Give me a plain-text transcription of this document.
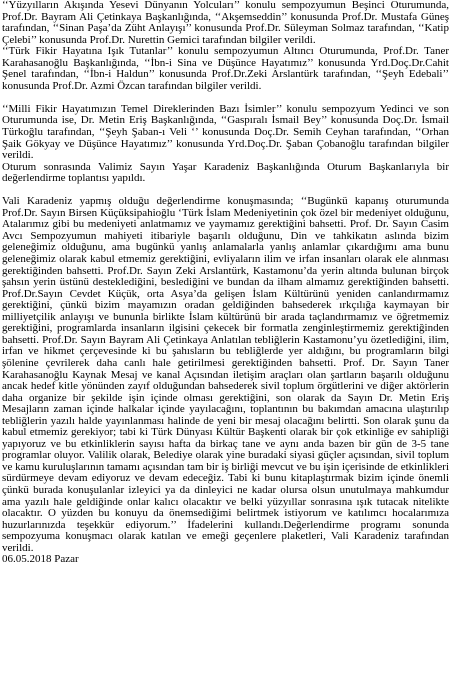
‘‘Yüzyılların Akışında Yesevi Dünyanın Yolcuları’’ konulu sempozyumun Beşinci Oturumunda, Prof.Dr. Bayram Ali Çetinkaya Başkanlığında, ‘‘Akşemseddin’’ konusunda Prof.Dr. Mustafa Güneş tarafından, ‘‘Sinan Paşa’da Züht Anlayışı’’ konusunda Prof.Dr. Süleyman Solmaz tarafından, ‘‘Katip Çelebi’’ konusunda Prof.Dr. Nurettin Gemici tarafından bilgiler verildi.

‘‘Türk Fikir Hayatına Işık Tutanlar’’ konulu sempozyumun Altıncı Oturumunda, Prof.Dr. Taner Karahasanoğlu Başkanlığında, ‘‘İbn-i Sina ve Düşünce Hayatımız’’ konusunda Yrd.Doç.Dr.Cahit Şenel tarafından, ‘‘İbn-i Haldun’’ konusunda Prof.Dr.Zeki Arslantürk tarafından, ‘‘Şeyh Edebali’’ konusunda Prof.Dr. Azmi Özcan tarafından bilgiler verildi.

‘‘Milli Fikir Hayatımızın Temel Direklerinden Bazı İsimler’’ konulu sempozyum Yedinci ve son Oturumunda ise, Dr. Metin Eriş Başkanlığında, ‘‘Gaspıralı İsmail Bey’’ konusunda Doç.Dr. İsmail Türkoğlu tarafından, ‘‘Şeyh Şaban-ı Veli ‘’ konusunda Doç.Dr. Semih Ceyhan tarafından, ‘‘Orhan Şaik Gökyay ve Düşünce Hayatımız’’ konusunda Yrd.Doç.Dr. Şaban Çobanoğlu tarafından bilgiler verildi.

Oturum sonrasında Valimiz Sayın Yaşar Karadeniz Başkanlığında Oturum Başkanlarıyla bir değerlendirme toplantısı yapıldı.

Vali Karadeniz yapmış olduğu değerlendirme konuşmasında; ‘‘Bugünkü kapanış oturumunda Prof.Dr. Sayın Birsen Küçüksipahioğlu ‘Türk İslam Medeniyetinin çok özel bir medeniyet olduğunu, Atalarımız gibi bu medeniyeti anlatmamız ve yaymamız gerektiğini bahsetti. Prof. Dr. Sayın Casim Avcı Sempozyumun mahiyeti itibariyle başarılı olduğunu, Din ve tahkikatın aslında bizim geleneğimiz olduğunu, ama bugünkü yanlış anlamalarla yanlış anlamlar çıkardığımı ama bunu geleneğimiz olarak kabul etmemiz gerektiğini, evliyaların ilim ve irfan insanları olarak ele alınması gerektiğinden bahsetti. Prof.Dr. Sayın Zeki Arslantürk, Kastamonu’da yerin altında bulunan birçok şahsın yerin üstünü desteklediğini, beslediğini ve bundan da ilham almamız gerektiğinden bahsetti. Prof.Dr.Sayın Cevdet Küçük, orta Asya’da gelişen İslam Kültürünü yeniden canlandırmamız gerektiğini, çünkü bizim mayamızın oradan geldiğinden bahsederek ırkçılığa kaymayan bir milliyetçilik anlayışı ve bununla birlikte İslam kültürünü bir arada taçlandırmamız ve öğretmemiz gerektiğini, programlarda insanların ilgisini çekecek bir formatla zenginleştirmemiz gerektiğinden bahsetti. Prof.Dr. Sayın Bayram Ali Çetinkaya Anlatılan tebliğlerin Kastamonu’yu özetlediğini, ilim, irfan ve hikmet çerçevesinde ki bu şahısların bu tebliğlerde yer aldığını, bu programların bilgi şölenine çevrilerek daha canlı hale getirilmesi gerektiğinden bahsetti. Prof. Dr. Sayın Taner Karahasanoğlu Kaynak Mesaj ve kanal Açısından iletişim araçları olan şartların başarılı olduğunu ancak hedef kitle yönünden zayıf olduğundan bahsederek sivil toplum örgütlerini ve diğer aktörlerin daha organize bir şekilde işin içinde olması gerektiğini, son olarak da Sayın Dr. Metin Eriş Mesajların zaman içinde halkalar içinde yayılacağını, toplantının bu bakımdan amacına ulaştırılıp tebliğlerin yazılı halde yayınlanması halinde de yeni bir mesaj olacağını belirtti. Son olarak şunu da kabul etmemiz gerekiyor; tabi ki Türk Dünyası Kültür Başkenti olarak bir çok etkinliğe ev sahipliği yapıyoruz ve bu etkinliklerin sayısı hafta da birkaç tane ve aynı anda bazen bir gün de 3-5 tane programlar oluyor. Valilik olarak, Belediye olarak yine buradaki siyasi güçler açısından, sivil toplum ve kamu kuruluşlarının tamamı açısından tam bir iş birliği mevcut ve bu işin içerisinde de etkinlikleri sürdürmeye devam ediyoruz ve devam edeceğiz. Tabi ki bunu kitaplaştırmak bizim içinde önemli çünkü burada konuşulanlar izleyici ya da dinleyici ne kadar olursa olsun unutulmaya mahkumdur ama yazılı hale geldiğinde onlar kalıcı olacaktır ve belki yüzyıllar sonrasına ışık tutacak nitelikte olacaktır. O yüzden bu konuyu da önemsediğimi belirtmek istiyorum ve katılımcı hocalarımıza huzurlarınızda teşekkür ediyorum.’’ İfadelerini kullandı.Değerlendirme programı sonunda sempozyuma konuşmacı olarak katılan ve emeği geçenlere plaketleri, Vali Karadeniz tarafından verildi.

06.05.2018 Pazar
